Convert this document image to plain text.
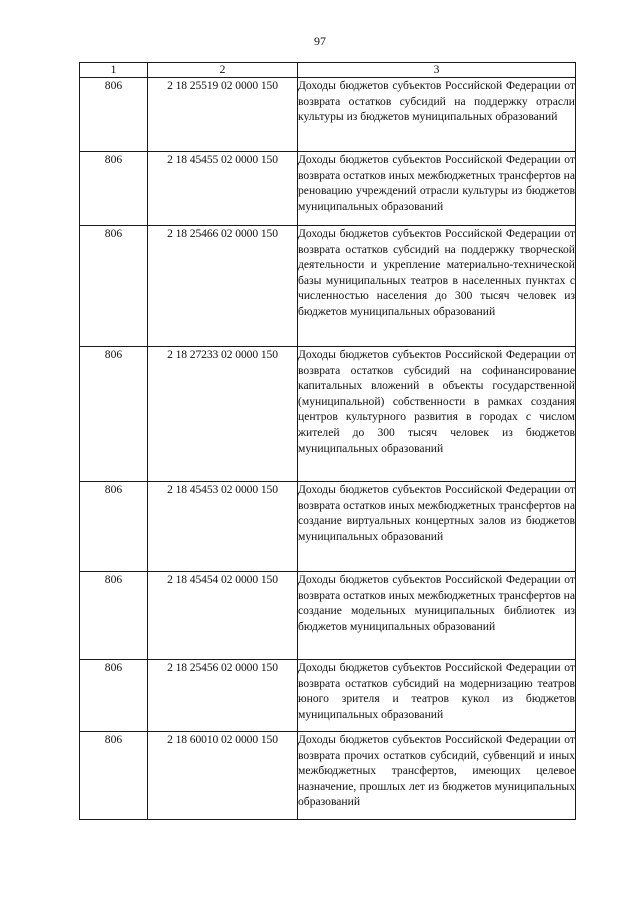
97
1	2	3
806	2 18 25519 02 0000 150	Доходы бюджетов субъектов Российской Федерации от возврата остатков субсидий на поддержку отрасли культуры из бюджетов муниципальных образований
806	2 18 45455 02 0000 150	Доходы бюджетов субъектов Российской Федерации от возврата остатков иных межбюджетных трансфертов на реновацию учреждений отрасли культуры из бюджетов муниципальных образований
806	2 18 25466 02 0000 150	Доходы бюджетов субъектов Российской Федерации от возврата остатков субсидий на поддержку творческой деятельности и укрепление материально-технической базы муниципальных театров в населенных пунктах с численностью населения до 300 тысяч человек из бюджетов муниципальных образований
806	2 18 27233 02 0000 150	Доходы бюджетов субъектов Российской Федерации от возврата остатков субсидий на софинансирование капитальных вложений в объекты государственной (муниципальной) собственности в рамках создания центров культурного развития в городах с числом жителей до 300 тысяч человек из бюджетов муниципальных образований
806	2 18 45453 02 0000 150	Доходы бюджетов субъектов Российской Федерации от возврата остатков иных межбюджетных трансфертов на создание виртуальных концертных залов из бюджетов муниципальных образований
806	2 18 45454 02 0000 150	Доходы бюджетов субъектов Российской Федерации от возврата остатков иных межбюджетных трансфертов на создание модельных муниципальных библиотек из бюджетов муниципальных образований
806	2 18 25456 02 0000 150	Доходы бюджетов субъектов Российской Федерации от возврата остатков субсидий на модернизацию театров юного зрителя и театров кукол из бюджетов муниципальных образований
806	2 18 60010 02 0000 150	Доходы бюджетов субъектов Российской Федерации от возврата прочих остатков субсидий, субвенций и иных межбюджетных трансфертов, имеющих целевое назначение, прошлых лет из бюджетов муниципальных образований
